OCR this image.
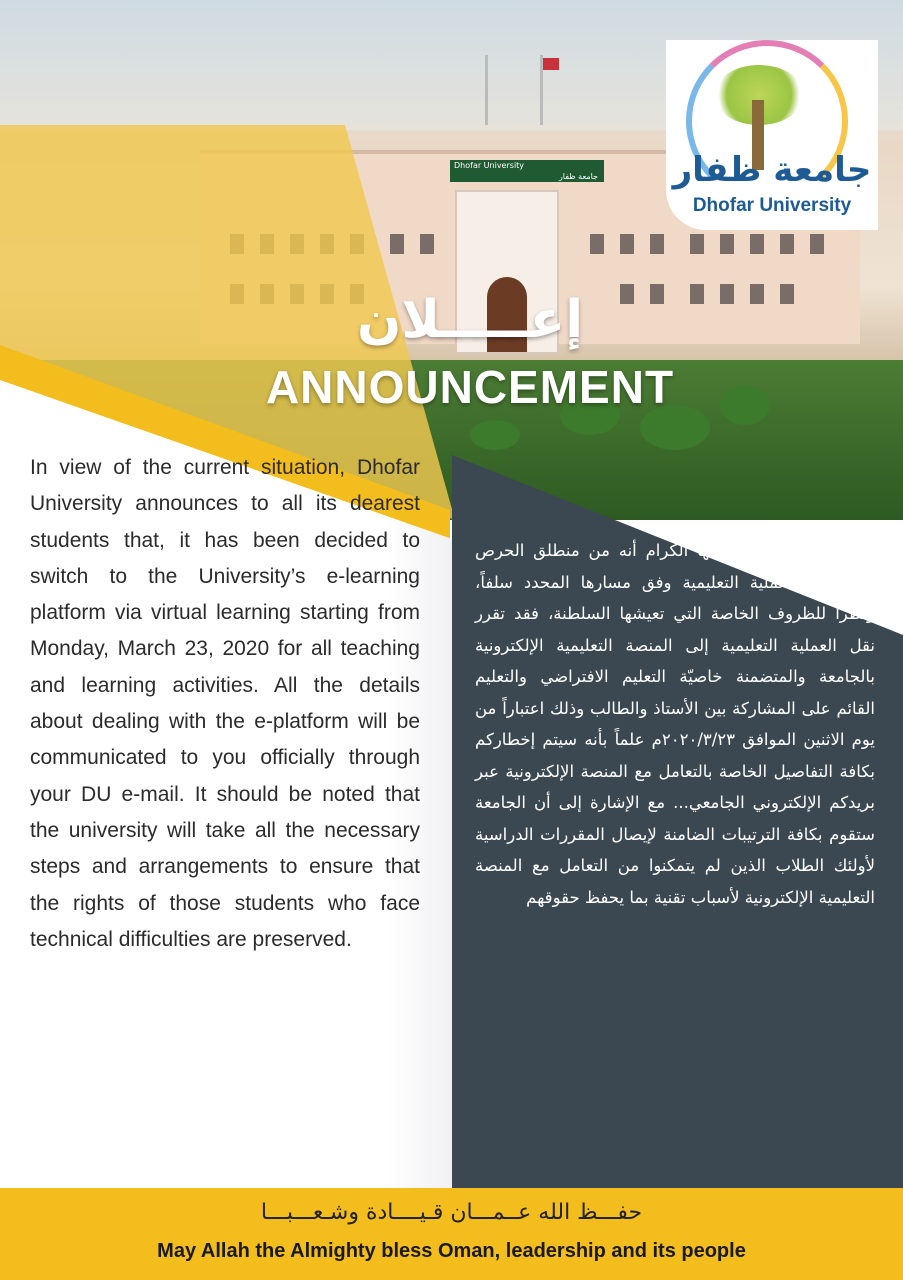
Dhofar University
جامعة ظفار جامعة ظفار
Dhofar University
إعـــــلان
ANNOUNCEMENT

In view of the current situation, Dhofar University announces to all its dearest students that, it has been decided to switch to the University’s e-learning platform via virtual learning starting from Monday, March 23, 2020 for all teaching and learning activities. All the details about dealing with the e-platform will be communicated to you officially through your DU e-mail. It should be noted that the university will take all the necessary steps and arrangements to ensure that the rights of those students who face technical difficulties are preserved.

تعلن جامعة ظفار لطلابها الكرام أنه من منطلق الحرص على سير العملية التعليمية وفق مسارها المحدد سلفاً، ونظراً للظروف الخاصة التي تعيشها السلطنة، فقد تقرر نقل العملية التعليمية إلى المنصة التعليمية الإلكترونية بالجامعة والمتضمنة خاصيّة التعليم الافتراضي والتعليم القائم على المشاركة بين الأستاذ والطالب وذلك اعتباراً من يوم الاثنين الموافق ٢٠٢٠/٣/٢٣م علماً بأنه سيتم إخطاركم بكافة التفاصيل الخاصة بالتعامل مع المنصة الإلكترونية عبر بريدكم الإلكتروني الجامعي... مع الإشارة إلى أن الجامعة ستقوم بكافة الترتيبات الضامنة لإيصال المقررات الدراسية لأولئك الطلاب الذين لم يتمكنوا من التعامل مع المنصة التعليمية الإلكترونية لأسباب تقنية بما يحفظ حقوقهم

حفـــظ الله عــمـــان قـيــــادة وشـعـــبـــا
May Allah the Almighty bless Oman, leadership and its people
